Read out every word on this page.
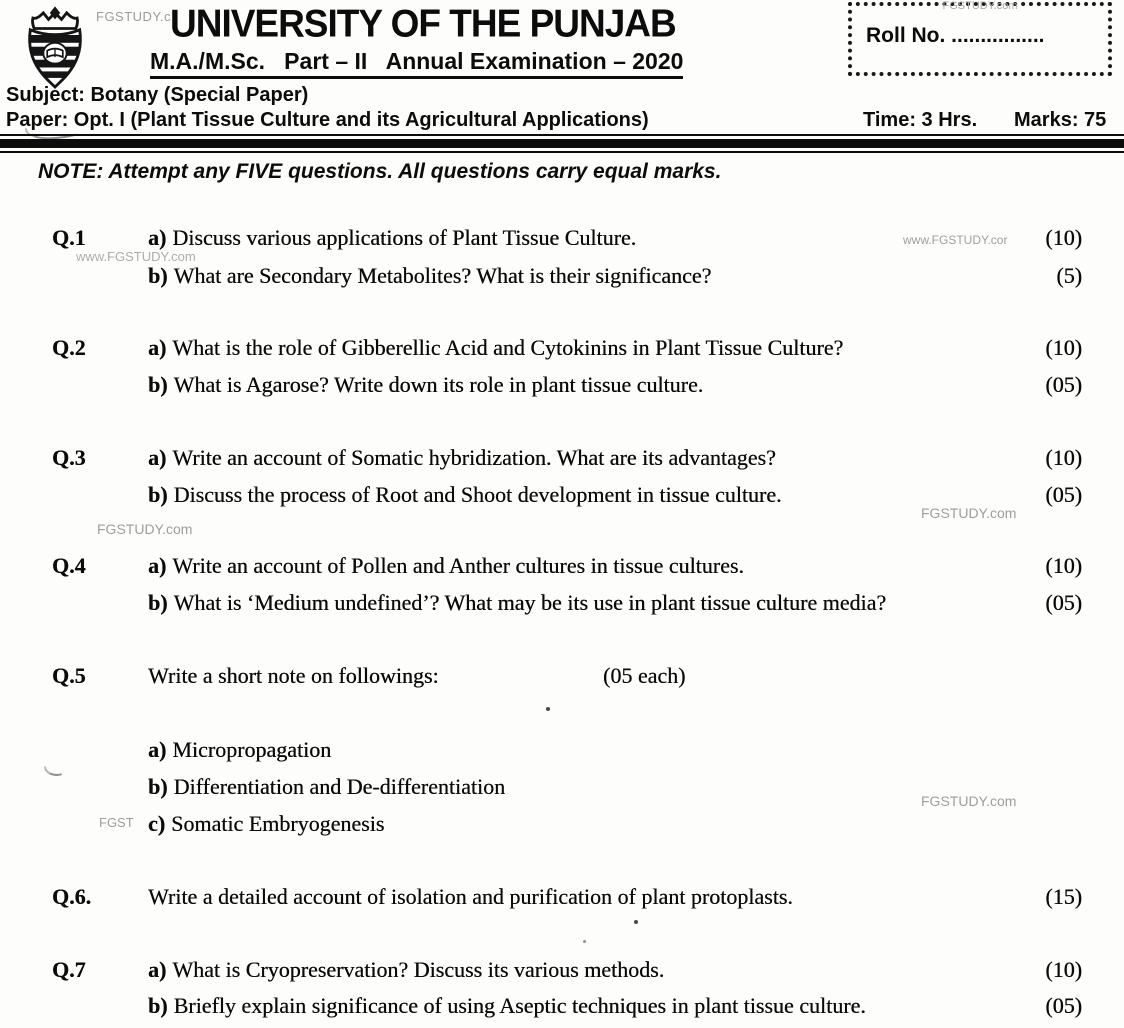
FGSTUDY.c
UNIVERSITY OF THE PUNJAB
M.A./M.Sc.   Part – II   Annual Examination – 2020
FGSTUDY.com
Roll No. ................
Subject: Botany (Special Paper)
Paper: Opt. I (Plant Tissue Culture and its Agricultural Applications)	Time: 3 Hrs. Marks: 75
NOTE: Attempt any FIVE questions. All questions carry equal marks.
Q.1	a) Discuss various applications of Plant Tissue Culture.	(10)
b) What are Secondary Metabolites? What is their significance?	(5)
Q.2	a) What is the role of Gibberellic Acid and Cytokinins in Plant Tissue Culture?	(10)
b) What is Agarose? Write down its role in plant tissue culture.	(05)
Q.3	a) Write an account of Somatic hybridization. What are its advantages?	(10)
b) Discuss the process of Root and Shoot development in tissue culture.	(05)
Q.4	a) Write an account of Pollen and Anther cultures in tissue cultures.	(10)
b) What is ‘Medium undefined’? What may be its use in plant tissue culture media?	(05)
Q.5	Write a short note on followings:	(05 each)
a) Micropropagation
b) Differentiation and De-differentiation
c) Somatic Embryogenesis
Q.6.	Write a detailed account of isolation and purification of plant protoplasts.	(15)
Q.7	a) What is Cryopreservation? Discuss its various methods.	(10)
b) Briefly explain significance of using Aseptic techniques in plant tissue culture.	(05)
www.FGSTUDY.cor
www.FGSTUDY.com
FGSTUDY.com
FGSTUDY.com
FGSTUDY.com
FGST
